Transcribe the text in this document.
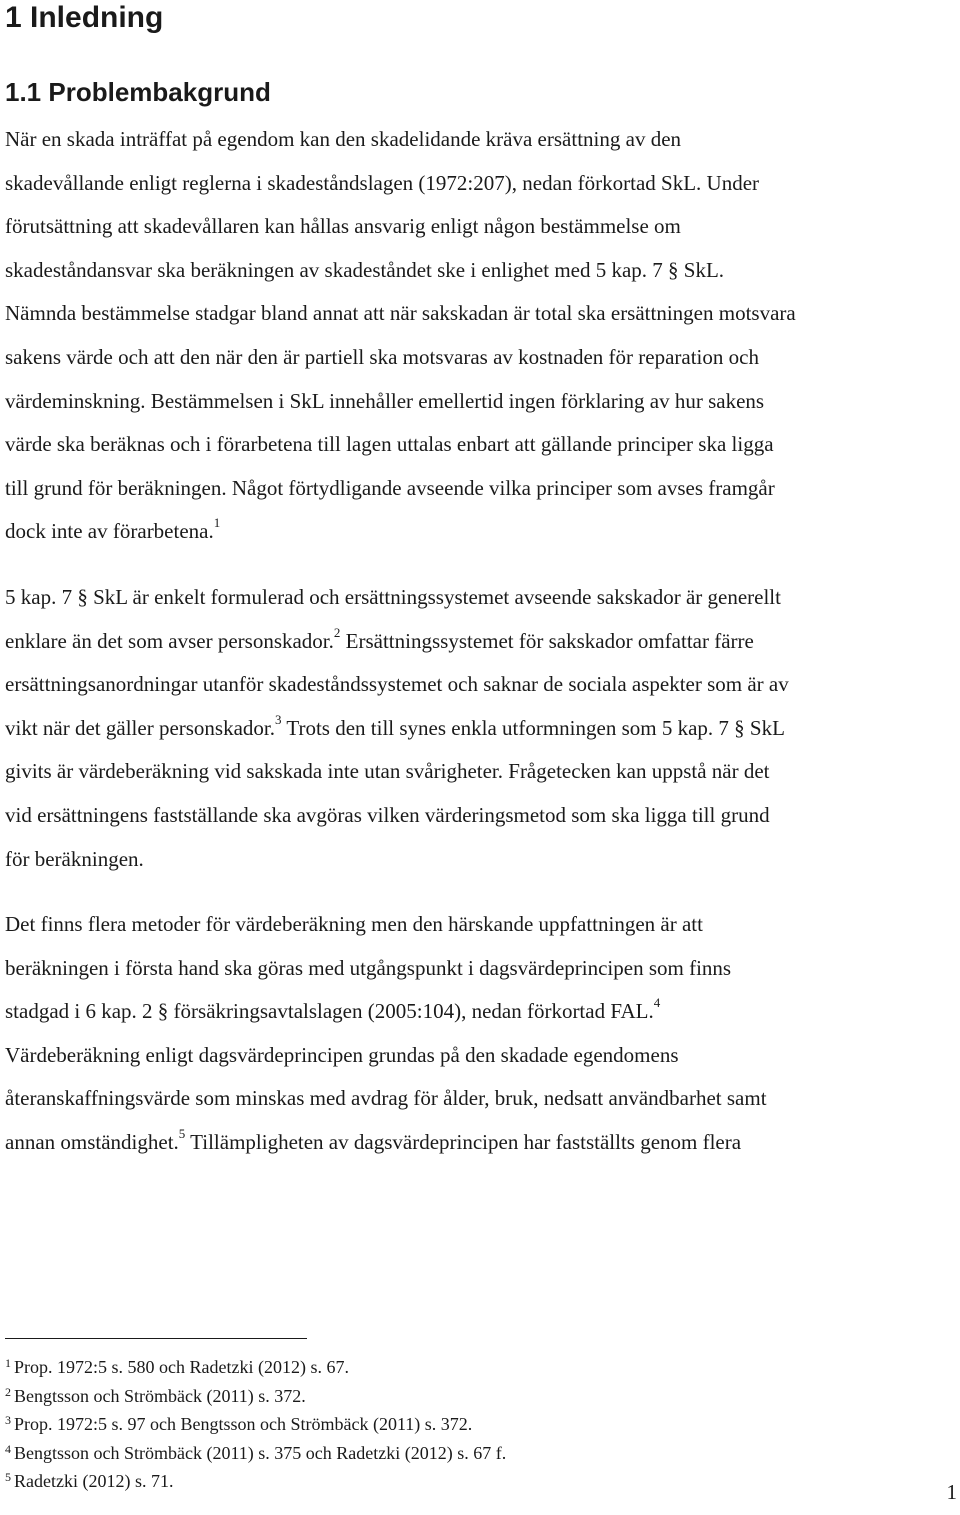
1 Inledning
1.1 Problembakgrund
När en skada inträffat på egendom kan den skadelidande kräva ersättning av den
skadevållande enligt reglerna i skadeståndslagen (1972:207), nedan förkortad SkL. Under
förutsättning att skadevållaren kan hållas ansvarig enligt någon bestämmelse om
skadeståndansvar ska beräkningen av skadeståndet ske i enlighet med 5 kap. 7 § SkL.
Nämnda bestämmelse stadgar bland annat att när sakskadan är total ska ersättningen motsvara
sakens värde och att den när den är partiell ska motsvaras av kostnaden för reparation och
värdeminskning. Bestämmelsen i SkL innehåller emellertid ingen förklaring av hur sakens
värde ska beräknas och i förarbetena till lagen uttalas enbart att gällande principer ska ligga
till grund för beräkningen. Något förtydligande avseende vilka principer som avses framgår
dock inte av förarbetena.$^1$
5 kap. 7 § SkL är enkelt formulerad och ersättningssystemet avseende sakskador är generellt
enklare än det som avser personskador.$^2$ Ersättningssystemet för sakskador omfattar färre
ersättningsanordningar utanför skadeståndssystemet och saknar de sociala aspekter som är av
vikt när det gäller personskador.$^3$ Trots den till synes enkla utformningen som 5 kap. 7 § SkL
givits är värdeberäkning vid sakskada inte utan svårigheter. Frågetecken kan uppstå när det
vid ersättningens fastställande ska avgöras vilken värderingsmetod som ska ligga till grund
för beräkningen.
Det finns flera metoder för värdeberäkning men den härskande uppfattningen är att
beräkningen i första hand ska göras med utgångspunkt i dagsvärdeprincipen som finns
stadgad i 6 kap. 2 § försäkringsavtalslagen (2005:104), nedan förkortad FAL.$^4$
Värdeberäkning enligt dagsvärdeprincipen grundas på den skadade egendomens
återanskaffningsvärde som minskas med avdrag för ålder, bruk, nedsatt användbarhet samt
annan omständighet.$^5$ Tillämpligheten av dagsvärdeprincipen har fastställts genom flera
$^1$ Prop. 1972:5 s. 580 och Radetzki (2012) s. 67.
$^2$ Bengtsson och Strömbäck (2011) s. 372.
$^3$ Prop. 1972:5 s. 97 och Bengtsson och Strömbäck (2011) s. 372.
$^4$ Bengtsson och Strömbäck (2011) s. 375 och Radetzki (2012) s. 67 f.
$^5$ Radetzki (2012) s. 71.	1
